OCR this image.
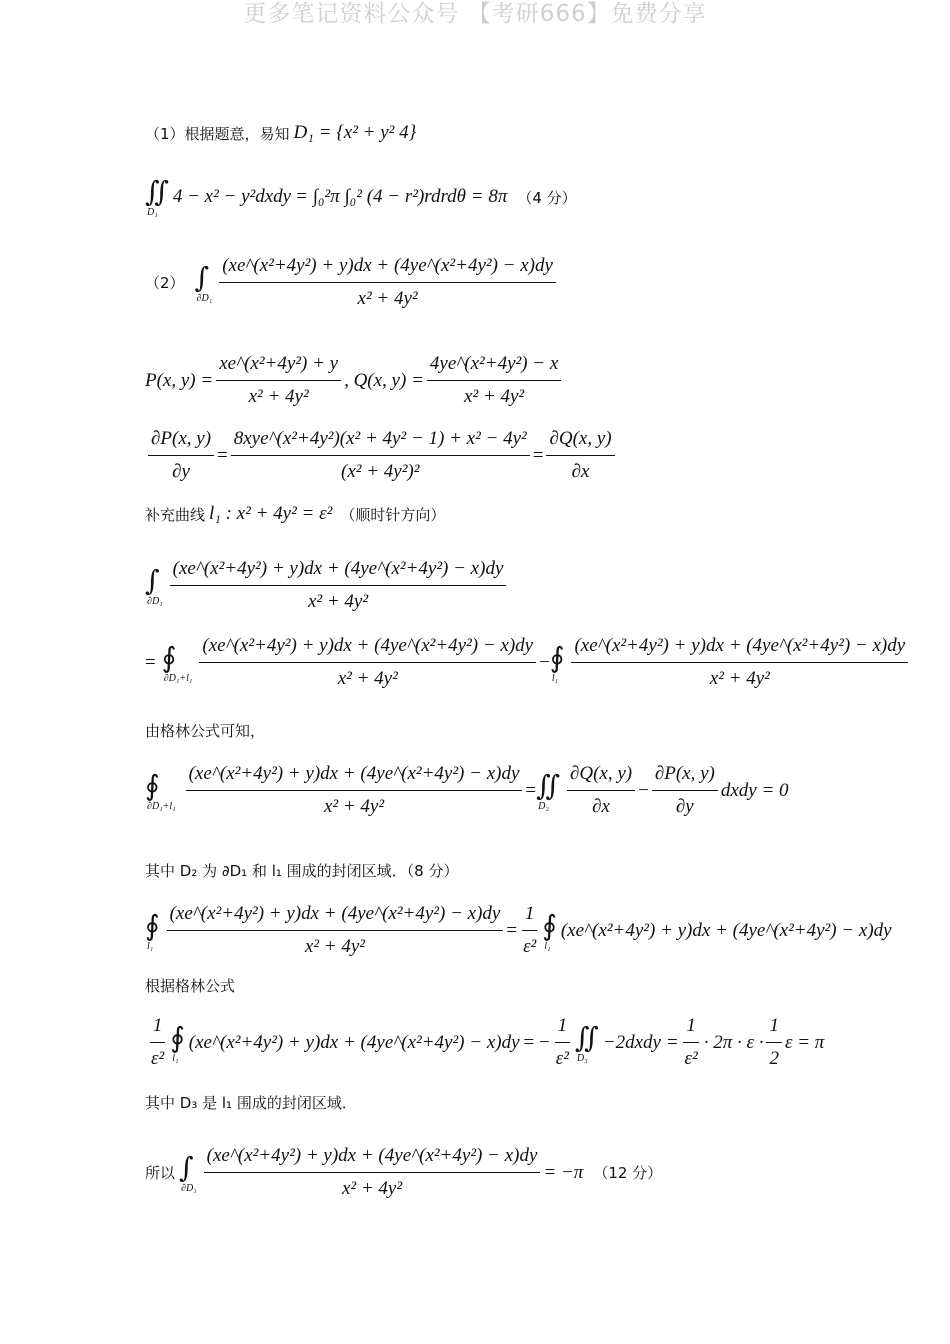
更多笔记资料公众号 【考研666】免费分享
（1）根据题意，易知 D₁ = {x² + y² 4}
∬
D₁
4 − x² − y²dxdy = ∫₀²π ∫₀² (4 − r²)rdrdθ = 8π （4 分）
（2） ∫
$\partial D_1 \frac{\text{(xe\textasciicircum{}(x²+4y²) + y)dx + (4ye\textasciicircum{}(x²+4y²) − x)dy}}{\text{x² + 4y²}}$
P(x, $y) = \frac{\text{xe\textasciicircum{}(x²+4y²) + y}}{\text{x² + 4y²}}$ , Q(x, $y) = \frac{\text{4ye\textasciicircum{}(x²+4y²) − x}}{\text{x² + 4y²}}$
$\frac{\partial P(x, y)}{\partial y} = \frac{\text{8xye\textasciicircum{}(x²+4y²)(x² + 4y² − 1) + x² − 4y²}}{\text{(x² + 4y²)²}} = \frac{\partial Q(x, y)}{\partial x}$
补充曲线 l₁ : x² + 4y² = ε² （顺时针方向）
∫
$\partial D_1 \frac{\text{(xe\textasciicircum{}(x²+4y²) + y)dx + (4ye\textasciicircum{}(x²+4y²) − x)dy}}{\text{x² + 4y²}}$
= ∮
$\partial D_1+l_1 \frac{\text{(xe\textasciicircum{}(x²+4y²) + y)dx + (4ye\textasciicircum{}(x²+4y²) − x)dy}}{\text{x² + 4y²}}$ − ∮
$l_1 \frac{\text{(xe\textasciicircum{}(x²+4y²) + y)dx + (4ye\textasciicircum{}(x²+4y²) − x)dy}}{\text{x² + 4y²}}$
由格林公式可知，
∮
$\partial D_1+l_1 \frac{\text{(xe\textasciicircum{}(x²+4y²) + y)dx + (4ye\textasciicircum{}(x²+4y²) − x)dy}}{\text{x² + 4y²}}$ = ∬
$D_2 \frac{\partial Q(x, y)}{\partial x} - \frac{\partial P(x, y)}{\partial y}$ dxdy = 0
其中 D₂ 为 ∂D₁ 和 l₁ 围成的封闭区域．（8 分）
∮
$l_1 \frac{\text{(xe\textasciicircum{}(x²+4y²) + y)dx + (4ye\textasciicircum{}(x²+4y²) − x)dy}}{\text{x² + 4y²}} = \frac{1}{\text{ε²}}$ ∮
l₁
(xe^(x²+4y²) + y)dx + (4ye^(x²+4y²) − x)dy
根据格林公式
$\frac{1}{\text{ε²}}$ ∮
l₁
(xe^(x²+4y²) + y)dx + (4ye^(x²+4y²) − x)dy = − $\frac{1}{\text{ε²}}$ ∬
D₃
−2dxdy = $\frac{1}{\text{ε²}} \cdot 2\pi \cdot \varepsilon \cdot \frac{1}{2}$ ε = π
其中 D₃ 是 l₁ 围成的封闭区域．
所以 ∫
$\partial D_1 \frac{\text{(xe\textasciicircum{}(x²+4y²) + y)dx + (4ye\textasciicircum{}(x²+4y²) − x)dy}}{\text{x² + 4y²}} = -\pi$ （12 分）
